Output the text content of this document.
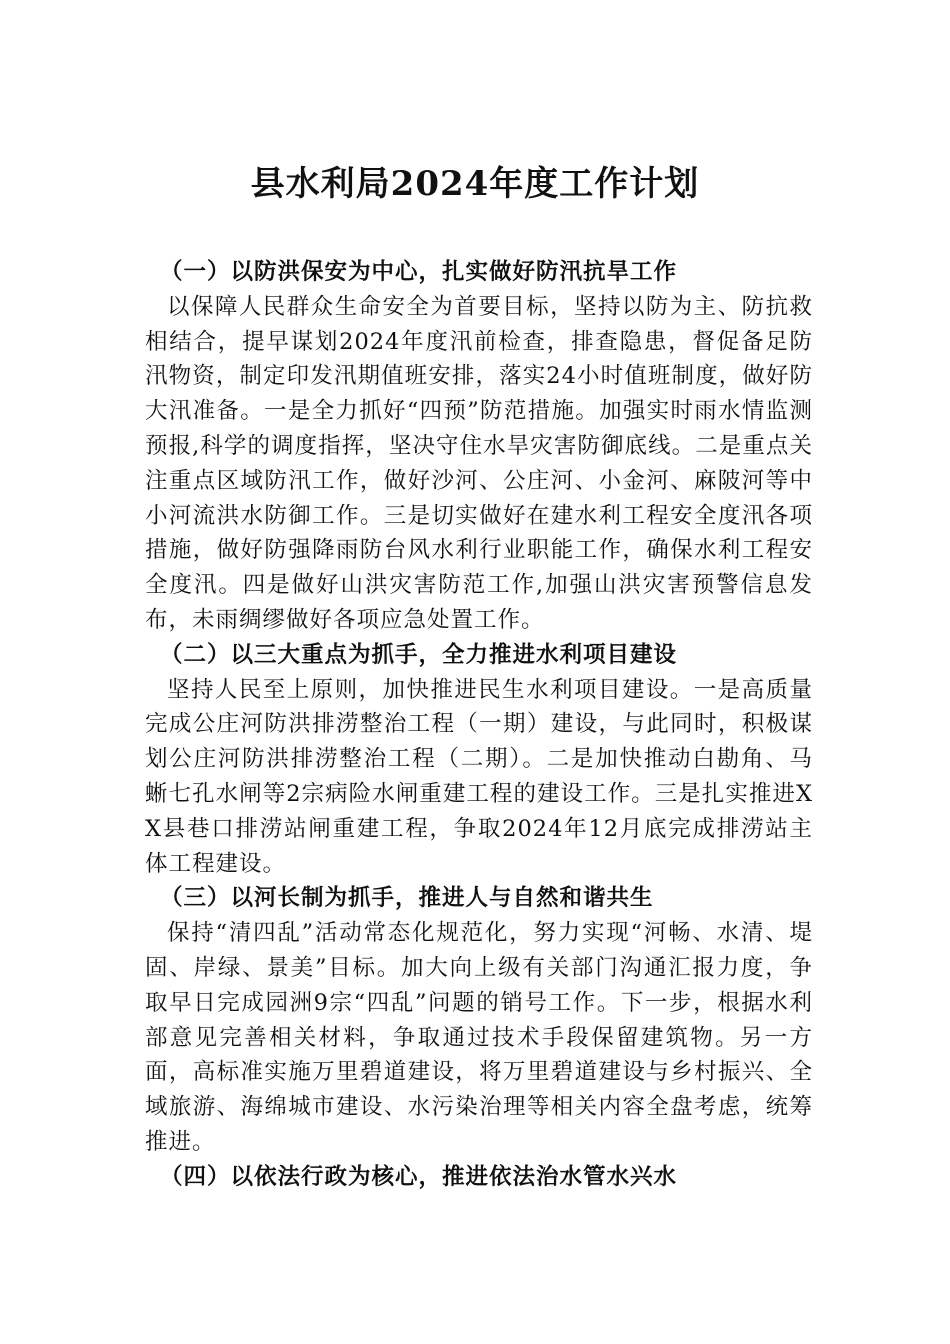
县水利局2024年度工作计划
（一）以防洪保安为中心，扎实做好防汛抗旱工作

以保障人民群众生命安全为首要目标，坚持以防为主、防抗救相结合，提早谋划2024年度汛前检查，排查隐患，督促备足防汛物资，制定印发汛期值班安排，落实24小时值班制度，做好防大汛准备。一是全力抓好“四预”防范措施。加强实时雨水情监测预报,科学的调度指挥，坚决守住水旱灾害防御底线。二是重点关注重点区域防汛工作，做好沙河、公庄河、小金河、麻陂河等中小河流洪水防御工作。三是切实做好在建水利工程安全度汛各项措施，做好防强降雨防台风水利行业职能工作，确保水利工程安全度汛。四是做好山洪灾害防范工作,加强山洪灾害预警信息发布，未雨绸缪做好各项应急处置工作。

（二）以三大重点为抓手，全力推进水利项目建设

坚持人民至上原则，加快推进民生水利项目建设。一是高质量完成公庄河防洪排涝整治工程（一期）建设，与此同时，积极谋划公庄河防洪排涝整治工程（二期）。二是加快推动白勘角、马蜥七孔水闸等2宗病险水闸重建工程的建设工作。三是扎实推进XX县巷口排涝站闸重建工程，争取2024年12月底完成排涝站主体工程建设。

（三）以河长制为抓手，推进人与自然和谐共生

保持“清四乱”活动常态化规范化，努力实现“河畅、水清、堤固、岸绿、景美”目标。加大向上级有关部门沟通汇报力度，争取早日完成园洲9宗“四乱”问题的销号工作。下一步，根据水利部意见完善相关材料，争取通过技术手段保留建筑物。另一方面，高标准实施万里碧道建设，将万里碧道建设与乡村振兴、全域旅游、海绵城市建设、水污染治理等相关内容全盘考虑，统筹推进。

（四）以依法行政为核心，推进依法治水管水兴水
